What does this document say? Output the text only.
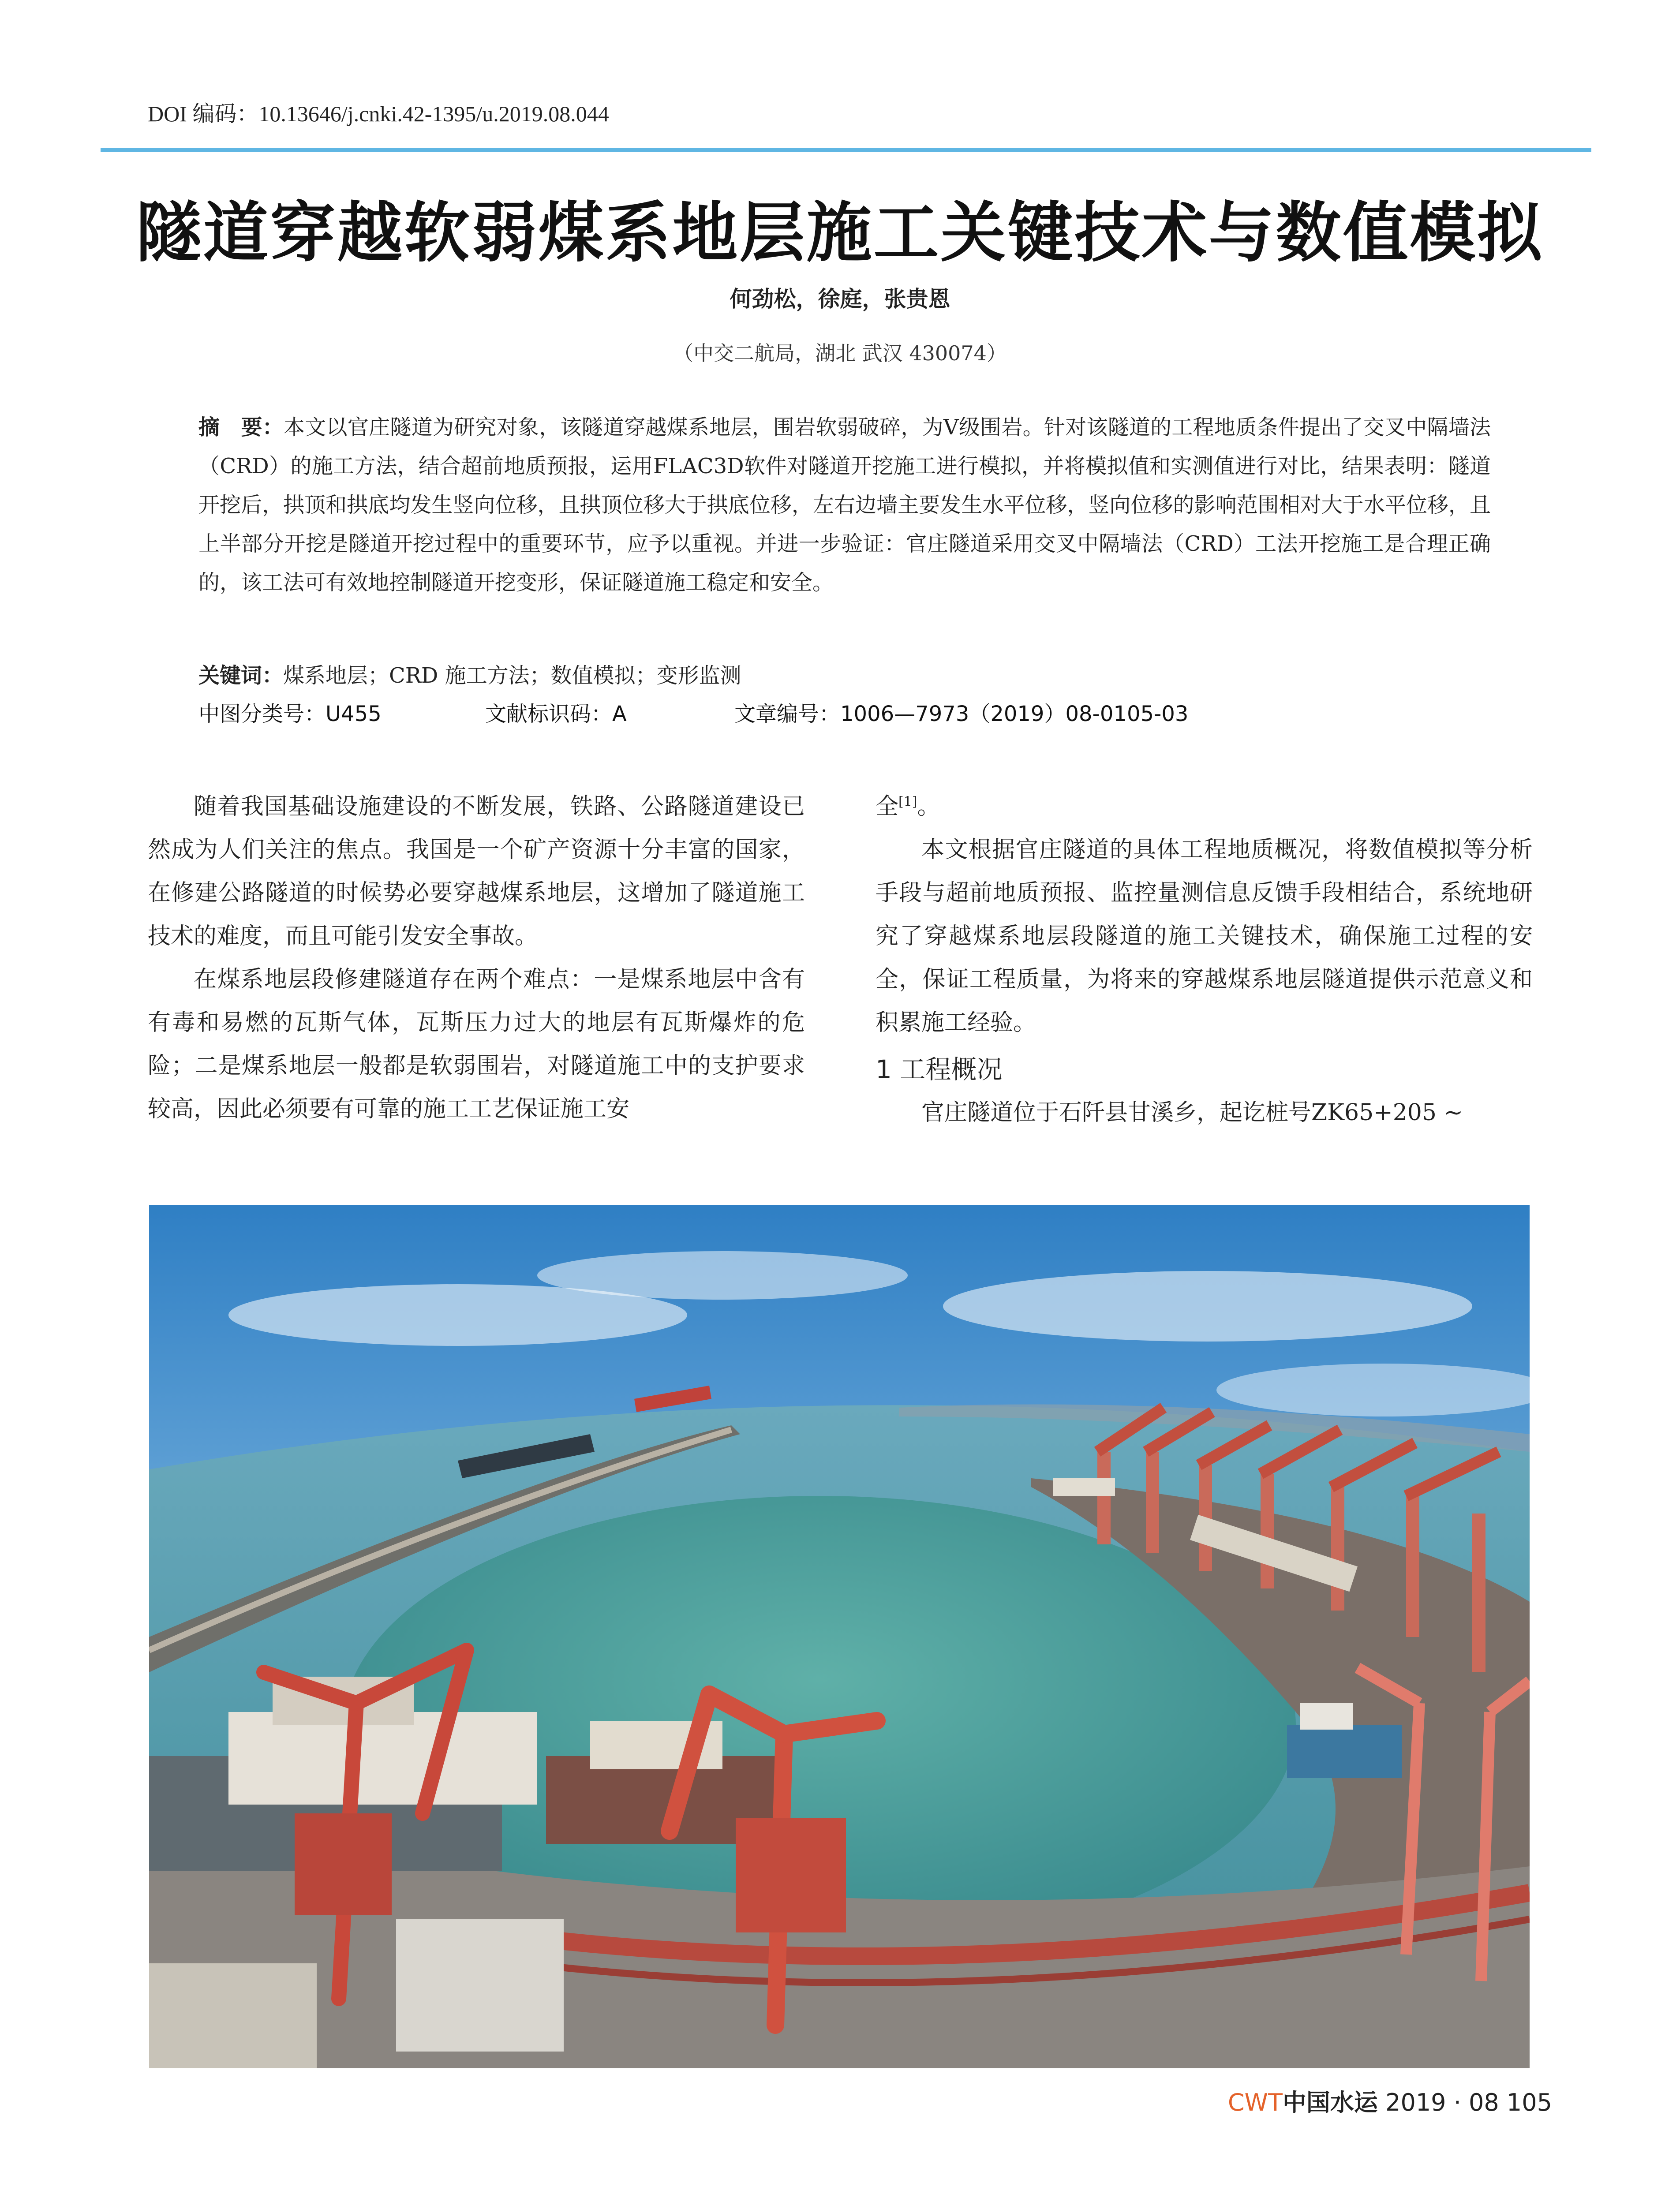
DOI 编码：10.13646/j.cnki.42-1395/u.2019.08.044
隧道穿越软弱煤系地层施工关键技术与数值模拟
何劲松，徐庭，张贵恩
（中交二航局，湖北 武汉 430074）
摘　要：本文以官庄隧道为研究对象，该隧道穿越煤系地层，围岩软弱破碎，为V级围岩。针对该隧道的工程地质条件提出了交叉中隔墙法（CRD）的施工方法，结合超前地质预报，运用FLAC3D软件对隧道开挖施工进行模拟，并将模拟值和实测值进行对比，结果表明：隧道开挖后，拱顶和拱底均发生竖向位移，且拱顶位移大于拱底位移，左右边墙主要发生水平位移，竖向位移的影响范围相对大于水平位移，且上半部分开挖是隧道开挖过程中的重要环节，应予以重视。并进一步验证：官庄隧道采用交叉中隔墙法（CRD）工法开挖施工是合理正确的，该工法可有效地控制隧道开挖变形，保证隧道施工稳定和安全。
关键词：煤系地层；CRD 施工方法；数值模拟；变形监测
中图分类号：U455	文献标识码：A	文章编号：1006—7973（2019）08-0105-03

随着我国基础设施建设的不断发展，铁路、公路隧道建设已然成为人们关注的焦点。我国是一个矿产资源十分丰富的国家，在修建公路隧道的时候势必要穿越煤系地层，这增加了隧道施工技术的难度，而且可能引发安全事故。

在煤系地层段修建隧道存在两个难点：一是煤系地层中含有有毒和易燃的瓦斯气体，瓦斯压力过大的地层有瓦斯爆炸的危险；二是煤系地层一般都是软弱围岩，对隧道施工中的支护要求较高，因此必须要有可靠的施工工艺保证施工安

全[1]。

本文根据官庄隧道的具体工程地质概况，将数值模拟等分析手段与超前地质预报、监控量测信息反馈手段相结合，系统地研究了穿越煤系地层段隧道的施工关键技术，确保施工过程的安全，保证工程质量，为将来的穿越煤系地层隧道提供示范意义和积累施工经验。

1 工程概况

官庄隧道位于石阡县甘溪乡，起讫桩号ZK65+205 ~

CWT中国水运 2019 · 08 105
